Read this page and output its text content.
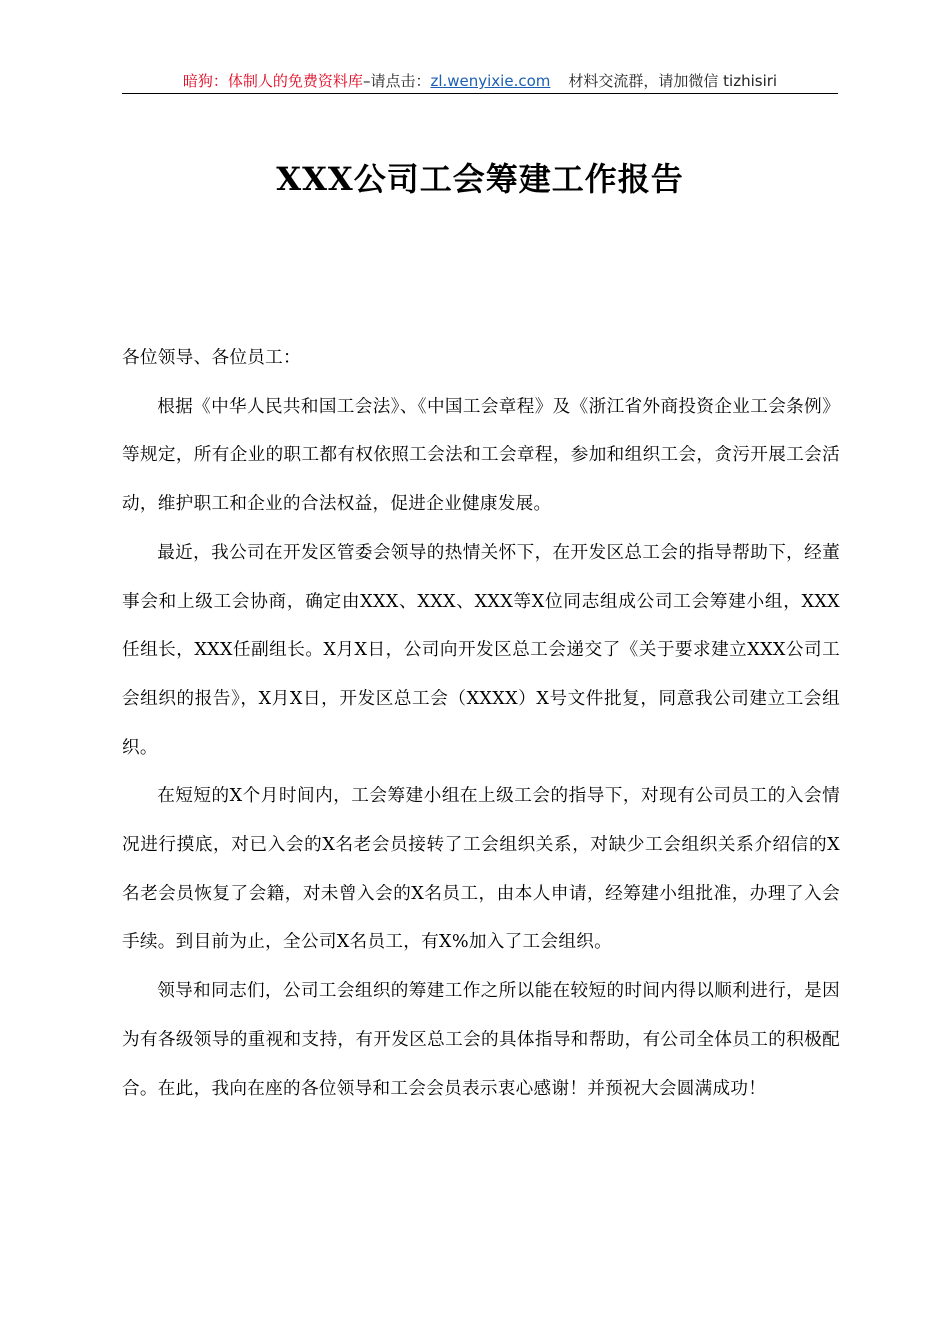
暗狗：体制人的免费资料库–请点击：zl.wenyixie.com 材料交流群，请加微信 tizhisiri
XXX公司工会筹建工作报告

各位领导、各位员工：

根据《中华人民共和国工会法》、《中国工会章程》及《浙江省外商投资企业工会条例》等规定，所有企业的职工都有权依照工会法和工会章程，参加和组织工会，贪污开展工会活动，维护职工和企业的合法权益，促进企业健康发展。

最近，我公司在开发区管委会领导的热情关怀下，在开发区总工会的指导帮助下，经董事会和上级工会协商，确定由XXX、XXX、XXX等X位同志组成公司工会筹建小组，XXX任组长，XXX任副组长。X月X日，公司向开发区总工会递交了《关于要求建立XXX公司工会组织的报告》，X月X日，开发区总工会（XXXX）X号文件批复，同意我公司建立工会组织。

在短短的X个月时间内，工会筹建小组在上级工会的指导下，对现有公司员工的入会情况进行摸底，对已入会的X名老会员接转了工会组织关系，对缺少工会组织关系介绍信的X名老会员恢复了会籍，对未曾入会的X名员工，由本人申请，经筹建小组批准，办理了入会手续。到目前为止，全公司X名员工，有X%加入了工会组织。

领导和同志们，公司工会组织的筹建工作之所以能在较短的时间内得以顺利进行，是因为有各级领导的重视和支持，有开发区总工会的具体指导和帮助，有公司全体员工的积极配合。在此，我向在座的各位领导和工会会员表示衷心感谢！并预祝大会圆满成功！
